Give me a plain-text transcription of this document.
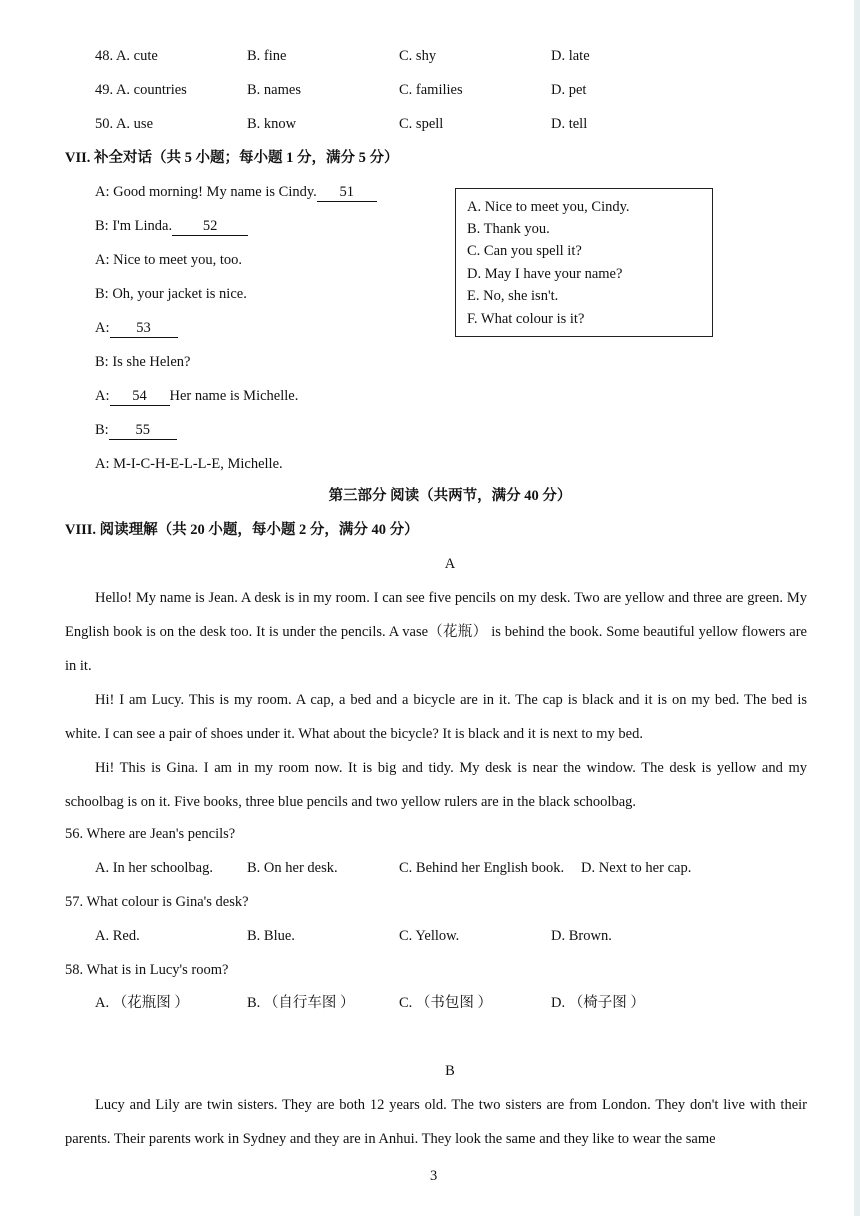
48. A. cute	B. fine	C. shy	D. late
49. A. countries	B. names	C. families	D. pet
50. A. use	B. know	C. spell	D. tell
VII. 补全对话（共 5 小题；每小题 1 分，满分 5 分）
A: Good morning! My name is Cindy. 51
B: I'm Linda. 52
A: Nice to meet you, too.
B: Oh, your jacket is nice.
A: 53
B: Is she Helen?
A: 54 Her name is Michelle.
B: 55
A: M-I-C-H-E-L-L-E, Michelle.
A. Nice to meet you, Cindy.
B. Thank you.
C. Can you spell it?
D. May I have your name?
E. No, she isn't.
F. What colour is it?
第三部分 阅读（共两节，满分 40 分）
VIII. 阅读理解（共 20 小题，每小题 2 分，满分 40 分）
A

Hello! My name is Jean. A desk is in my room. I can see five pencils on my desk. Two are yellow and three are green. My English book is on the desk too. It is under the pencils. A vase（花瓶） is behind the book. Some beautiful yellow flowers are in it.

Hi! I am Lucy. This is my room. A cap, a bed and a bicycle are in it. The cap is black and it is on my bed. The bed is white. I can see a pair of shoes under it. What about the bicycle? It is black and it is next to my bed.

Hi! This is Gina. I am in my room now. It is big and tidy. My desk is near the window. The desk is yellow and my schoolbag is on it. Five books, three blue pencils and two yellow rulers are in the black schoolbag.

56. Where are Jean's pencils?
A. In her schoolbag. B. On her desk.	C. Behind her English book. D. Next to her cap.
57. What colour is Gina's desk?
A. Red.	B. Blue.	C. Yellow.	D. Brown.
58. What is in Lucy's room?
A. （花瓶图 ）	B. （自行车图 ）	C. （书包图 ）	D. （椅子图 ）
B

Lucy and Lily are twin sisters. They are both 12 years old. The two sisters are from London. They don't live with their parents. Their parents work in Sydney and they are in Anhui. They look the same and they like to wear the same

3
